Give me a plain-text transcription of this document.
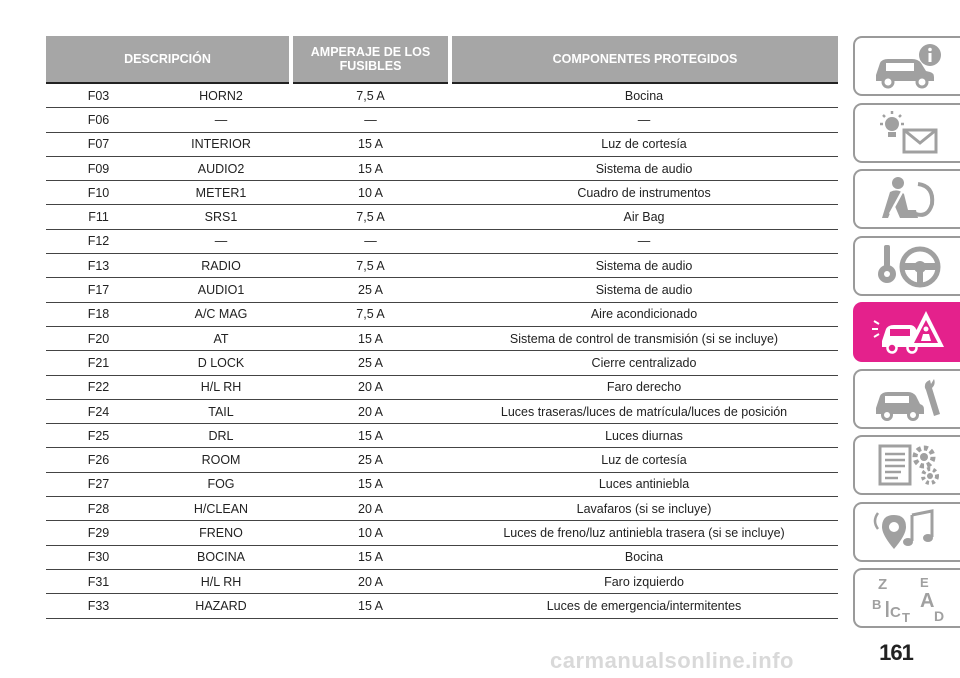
DESCRIPCIÓN		AMPERAJE DE LOS
FUSIBLES	COMPONENTES PROTEGIDOS
F03	HORN2	7,5 A	Bocina
F06	—	—	—
F07	INTERIOR	15 A	Luz de cortesía
F09	AUDIO2	15 A	Sistema de audio
F10	METER1	10 A	Cuadro de instrumentos
F11	SRS1	7,5 A	Air Bag
F12	—	—	—
F13	RADIO	7,5 A	Sistema de audio
F17	AUDIO1	25 A	Sistema de audio
F18	A/C MAG	7,5 A	Aire acondicionado
F20	AT	15 A	Sistema de control de transmisión (si se incluye)
F21	D LOCK	25 A	Cierre centralizado
F22	H/L RH	20 A	Faro derecho
F24	TAIL	20 A	Luces traseras/luces de matrícula/luces de posición
F25	DRL	15 A	Luces diurnas
F26	ROOM	25 A	Luz de cortesía
F27	FOG	15 A	Luces antiniebla
F28	H/CLEAN	20 A	Lavafaros (si se incluye)
F29	FRENO	10 A	Luces de freno/luz antiniebla trasera (si se incluye)
F30	BOCINA	15 A	Bocina
F31	H/L RH	20 A	Faro izquierdo
F33	HAZARD	15 A	Luces de emergencia/intermitentes
Z	E
B A
C T D
161
carmanualsonline.info
